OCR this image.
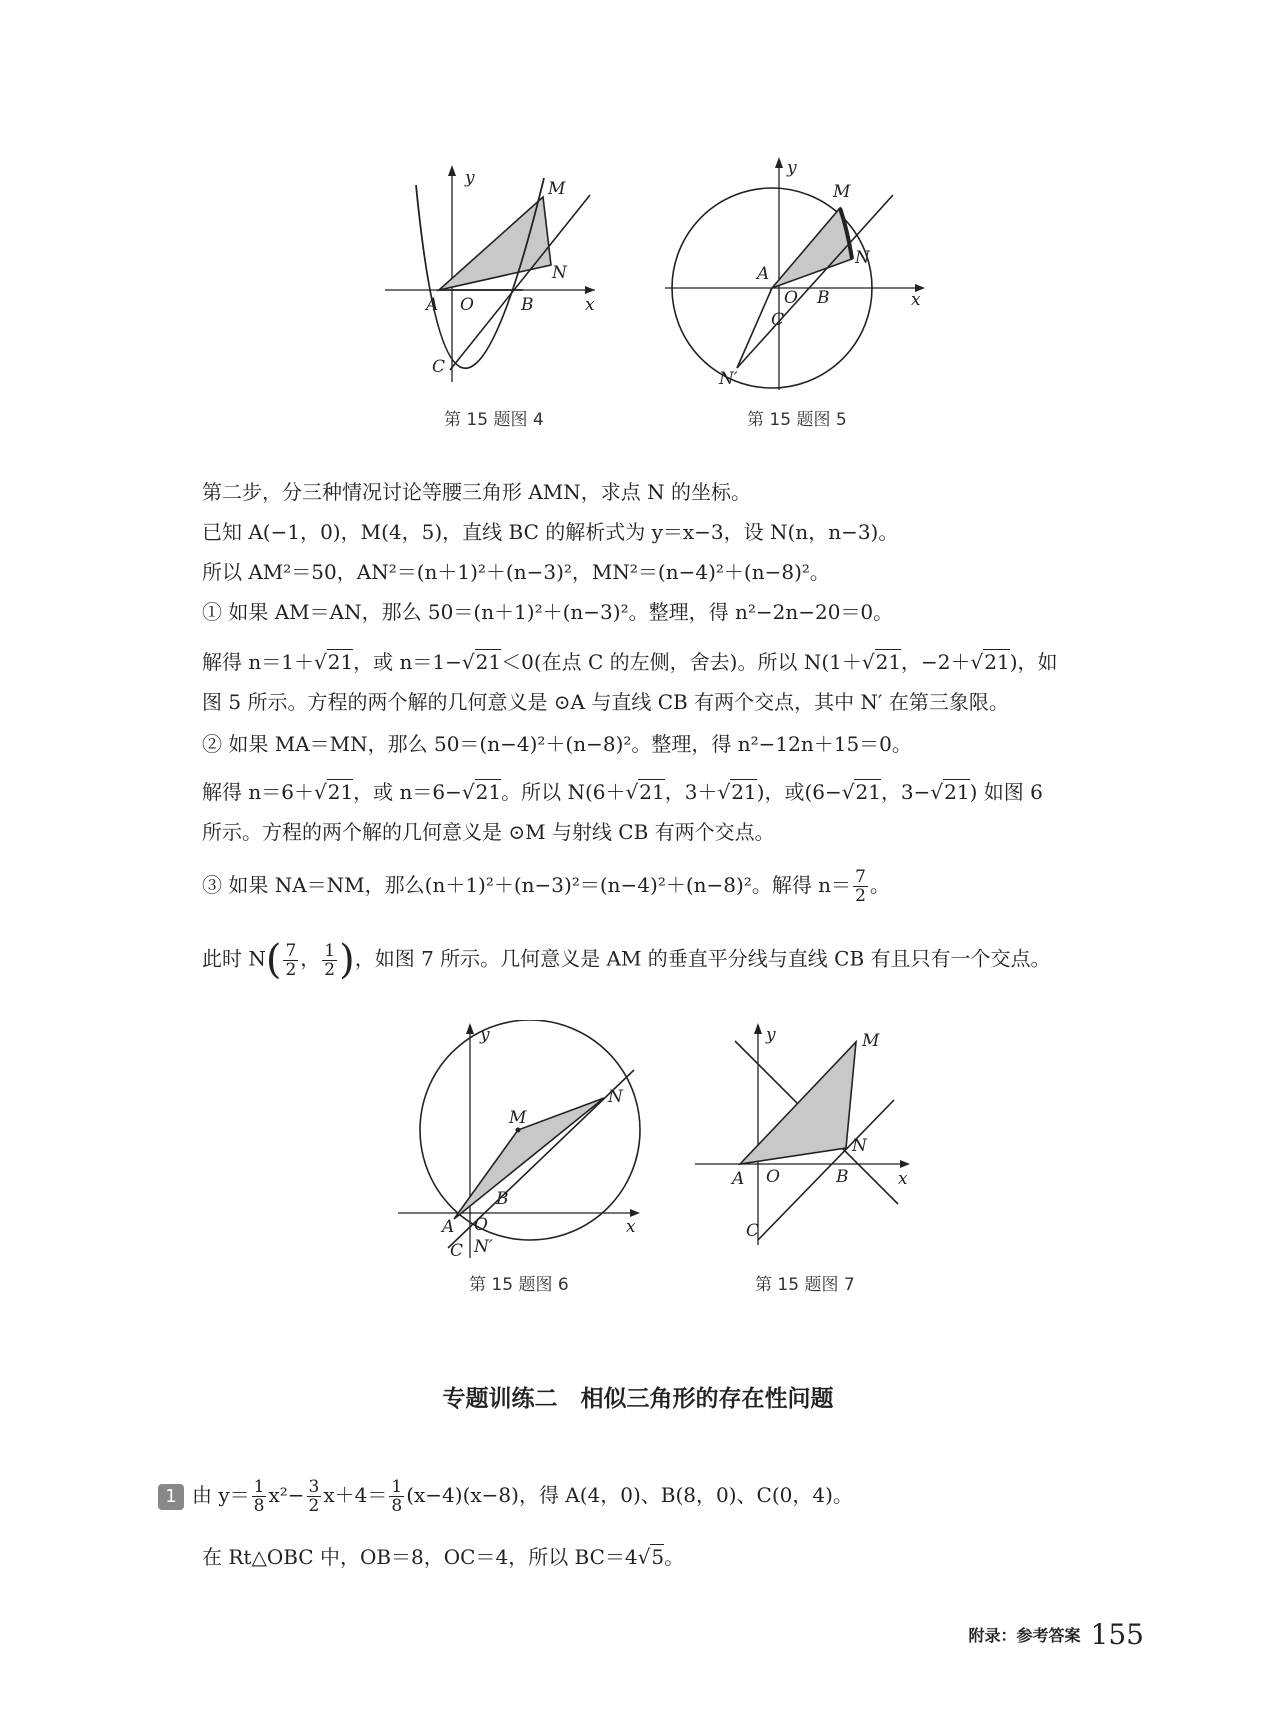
y
x
M
N
A O	B
C
第 15 题图 4
y
x
M
N
A
O B
C
N′
第 15 题图 5
第二步，分三种情况讨论等腰三角形 AMN，求点 N 的坐标。
已知 A(−1，0)，M(4，5)，直线 BC 的解析式为 y＝x−3，设 N(n，n−3)。
所以 AM²＝50，AN²＝(n＋1)²＋(n−3)²，MN²＝(n−4)²＋(n−8)²。
① 如果 AM＝AN，那么 50＝(n＋1)²＋(n−3)²。整理，得 n²−2n−20＝0。
解得 n＝1＋√21，或 n＝1−√21＜0(在点 C 的左侧，舍去)。所以 N(1＋√21，−2＋√21)，如
图 5 所示。方程的两个解的几何意义是 ⊙A 与直线 CB 有两个交点，其中 N′ 在第三象限。
② 如果 MA＝MN，那么 50＝(n−4)²＋(n−8)²。整理，得 n²−12n＋15＝0。
解得 n＝6＋√21，或 n＝6−√21。所以 N(6＋√21，3＋√21)，或(6−√21，3−√21) 如图 6
所示。方程的两个解的几何意义是 ⊙M 与射线 CB 有两个交点。
③ 如果 NA＝NM，那么(n＋1)²＋(n−3)²＝(n−4)²＋(n−8)²。解得 $n= \frac{7}{2}$ 。
此时 $N( \frac{7}{2}$ ， $\frac{1}{2}$ )，如图 7 所示。几何意义是 AM 的垂直平分线与直线 CB 有且只有一个交点。
y
x
M
N
A O
B
C N′
第 15 题图 6
y
x
M
N
A O	B
C
第 15 题图 7
专题训练二　相似三角形的存在性问题
1 由 $y= \frac{1}{8} x^2- \frac{3}{2} x+4= \frac{1}{8} (x-4)(x-8)$，得 A(4，0)、B(8，0)、C(0，4)。
在 Rt△OBC 中，OB＝8，OC＝4，所以 BC＝4√5。
附录：参考答案 155
